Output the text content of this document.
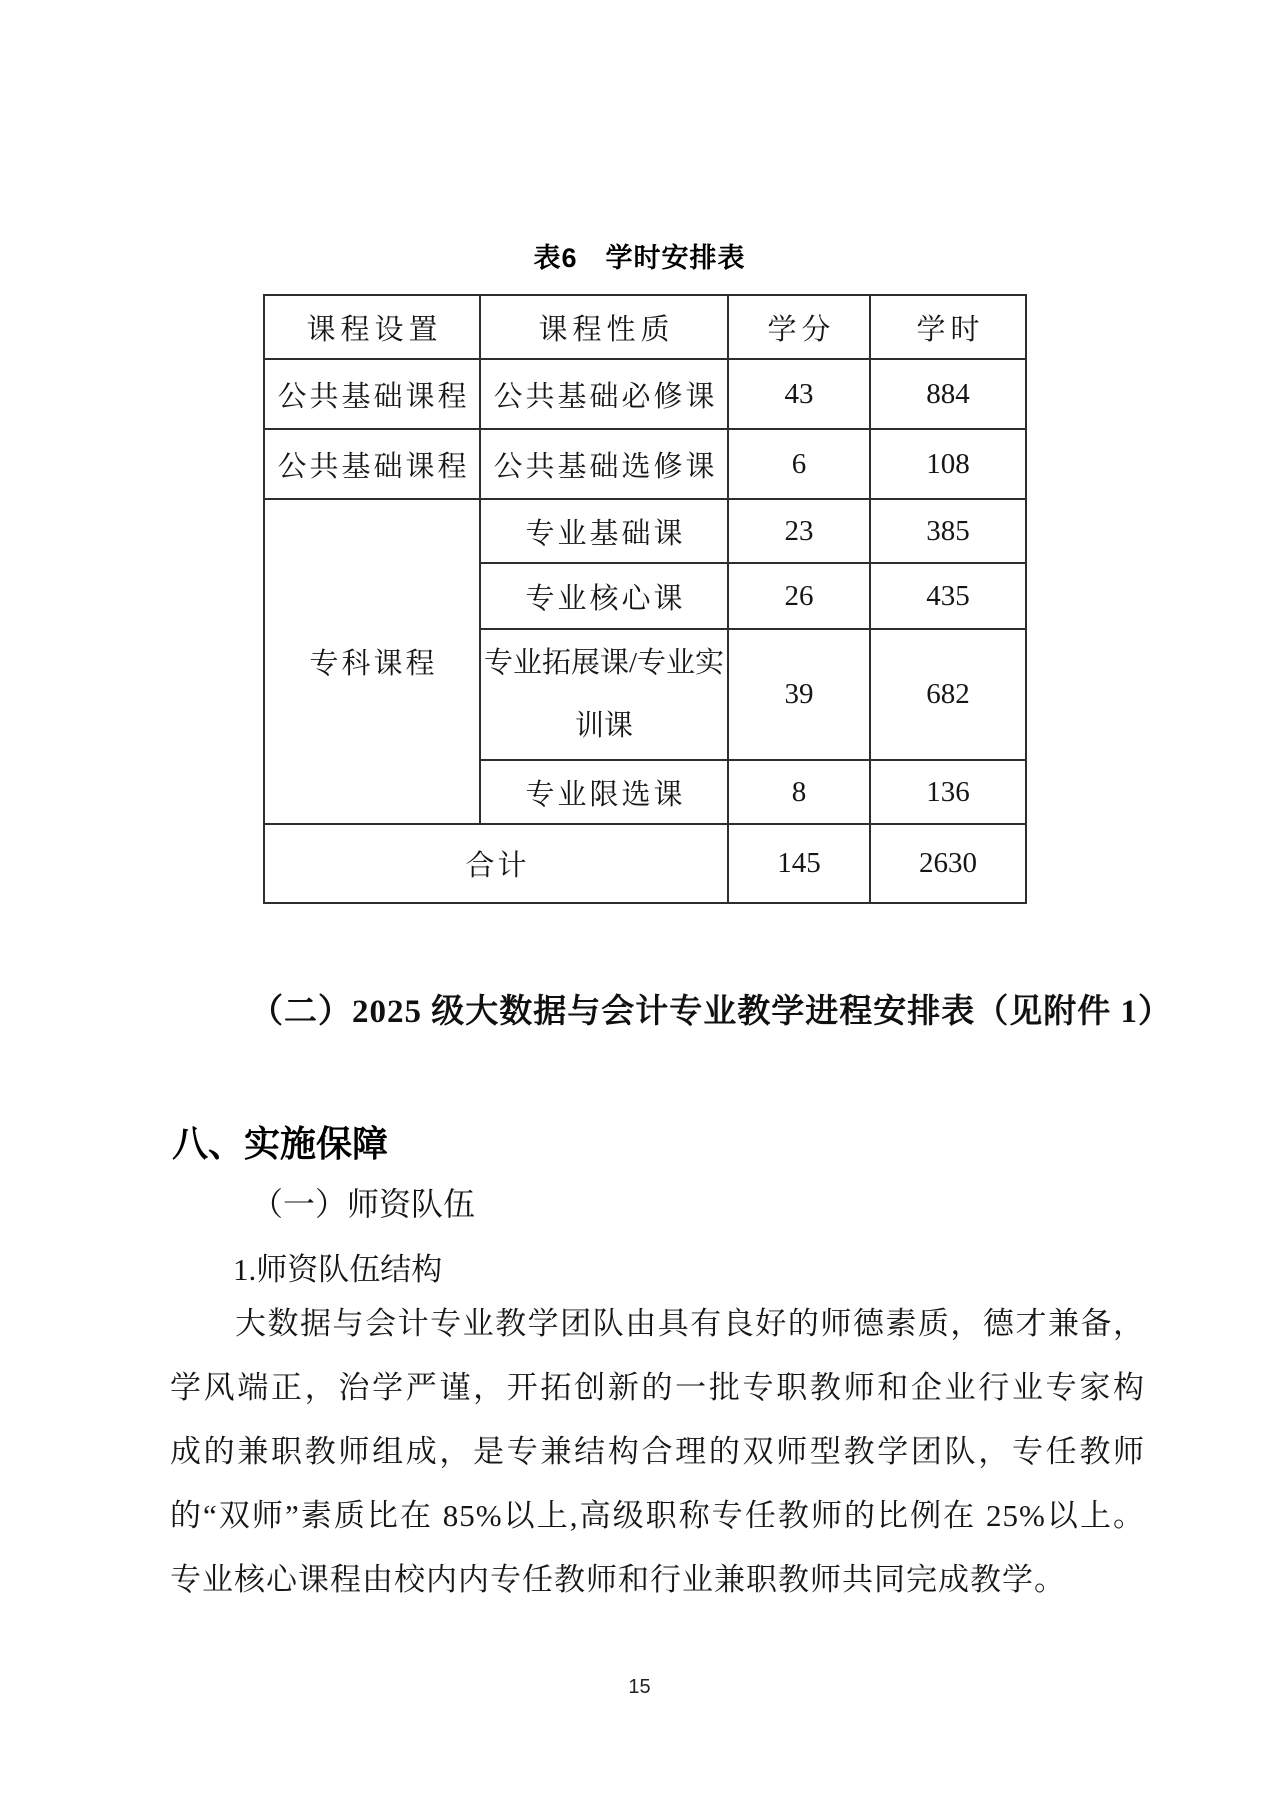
表6　学时安排表
课程设置	课程性质	学分	学时
公共基础课程	公共基础必修课	43	884
公共基础课程	公共基础选修课	6	108
专科课程	专业基础课	23	385
	专业核心课	26	435
	专业拓展课/专业实训课	39	682
	专业限选课	8	136
合计		145	2630
（二）2025 级大数据与会计专业教学进程安排表（见附件 1）
八、实施保障
（一）师资队伍
1.师资队伍结构
大数据与会计专业教学团队由具有良好的师德素质，德才兼备，
学风端正，治学严谨，开拓创新的一批专职教师和企业行业专家构
成的兼职教师组成，是专兼结构合理的双师型教学团队，专任教师
的“双师”素质比在 85%以上,高级职称专任教师的比例在 25%以上。
专业核心课程由校内内专任教师和行业兼职教师共同完成教学。
15
